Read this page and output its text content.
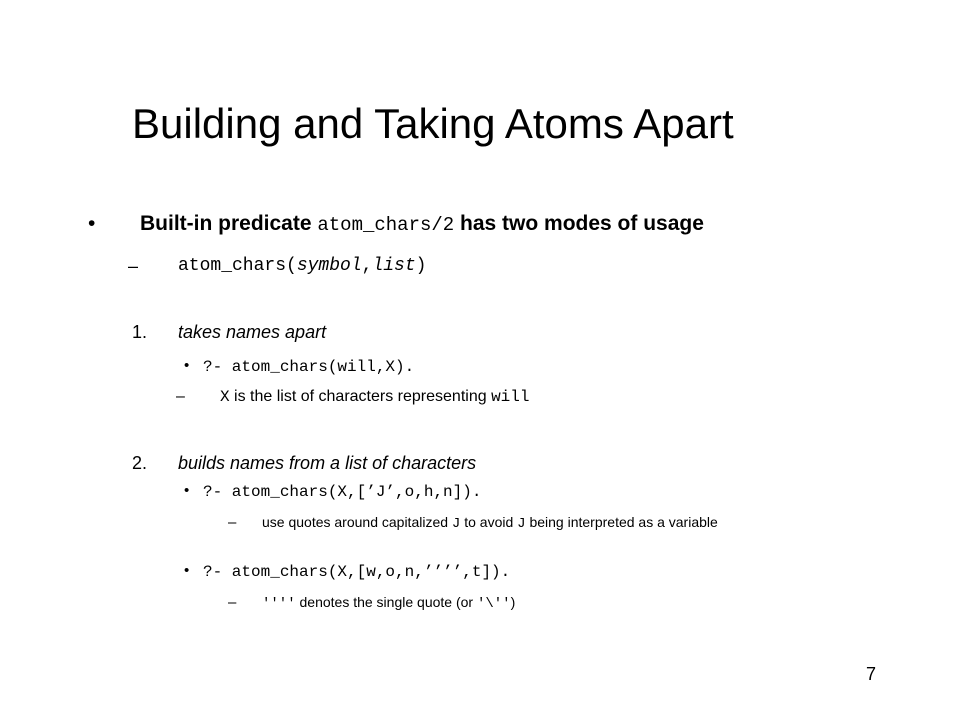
Building and Taking Atoms Apart
• Built-in predicate atom_chars/2 has two modes of usage
– atom_chars(symbol,list)
1. takes names apart
• ?- atom_chars(will,X).
– X is the list of characters representing will
2. builds names from a list of characters
• ?- atom_chars(X,[’J’,o,h,n]).
– use quotes around capitalized J to avoid J being interpreted as a variable
• ?- atom_chars(X,[w,o,n,’’’’,t]).
– '''' denotes the single quote (or '\'')
7
